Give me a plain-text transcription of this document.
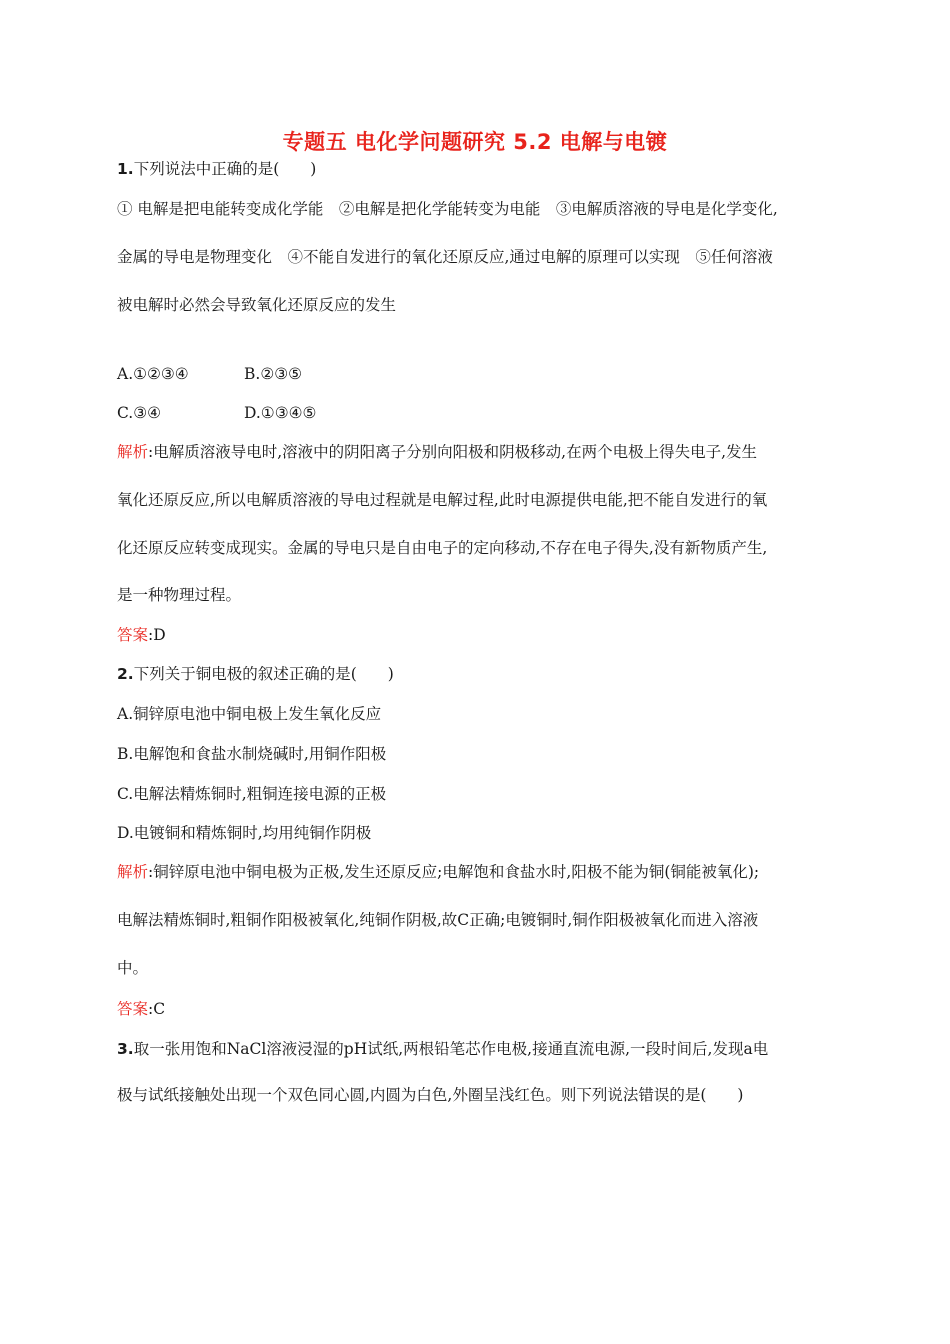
专题五 电化学问题研究 5.2 电解与电镀
1.下列说法中正确的是(　　)
① 电解是把电能转变成化学能　②电解是把化学能转变为电能　③电解质溶液的导电是化学变化,
金属的导电是物理变化　④不能自发进行的氧化还原反应,通过电解的原理可以实现　⑤任何溶液
被电解时必然会导致氧化还原反应的发生
A.①②③④	B.②③⑤
C.③④	D.①③④⑤
解析:电解质溶液导电时,溶液中的阴阳离子分别向阳极和阴极移动,在两个电极上得失电子,发生
氧化还原反应,所以电解质溶液的导电过程就是电解过程,此时电源提供电能,把不能自发进行的氧
化还原反应转变成现实。金属的导电只是自由电子的定向移动,不存在电子得失,没有新物质产生,
是一种物理过程。
答案:D
2.下列关于铜电极的叙述正确的是(　　)
A.铜锌原电池中铜电极上发生氧化反应
B.电解饱和食盐水制烧碱时,用铜作阳极
C.电解法精炼铜时,粗铜连接电源的正极
D.电镀铜和精炼铜时,均用纯铜作阴极
解析:铜锌原电池中铜电极为正极,发生还原反应;电解饱和食盐水时,阳极不能为铜(铜能被氧化);
电解法精炼铜时,粗铜作阳极被氧化,纯铜作阴极,故C正确;电镀铜时,铜作阳极被氧化而进入溶液
中。
答案:C
3.取一张用饱和NaCl溶液浸湿的pH试纸,两根铅笔芯作电极,接通直流电源,一段时间后,发现a电
极与试纸接触处出现一个双色同心圆,内圆为白色,外圈呈浅红色。则下列说法错误的是(　　)
